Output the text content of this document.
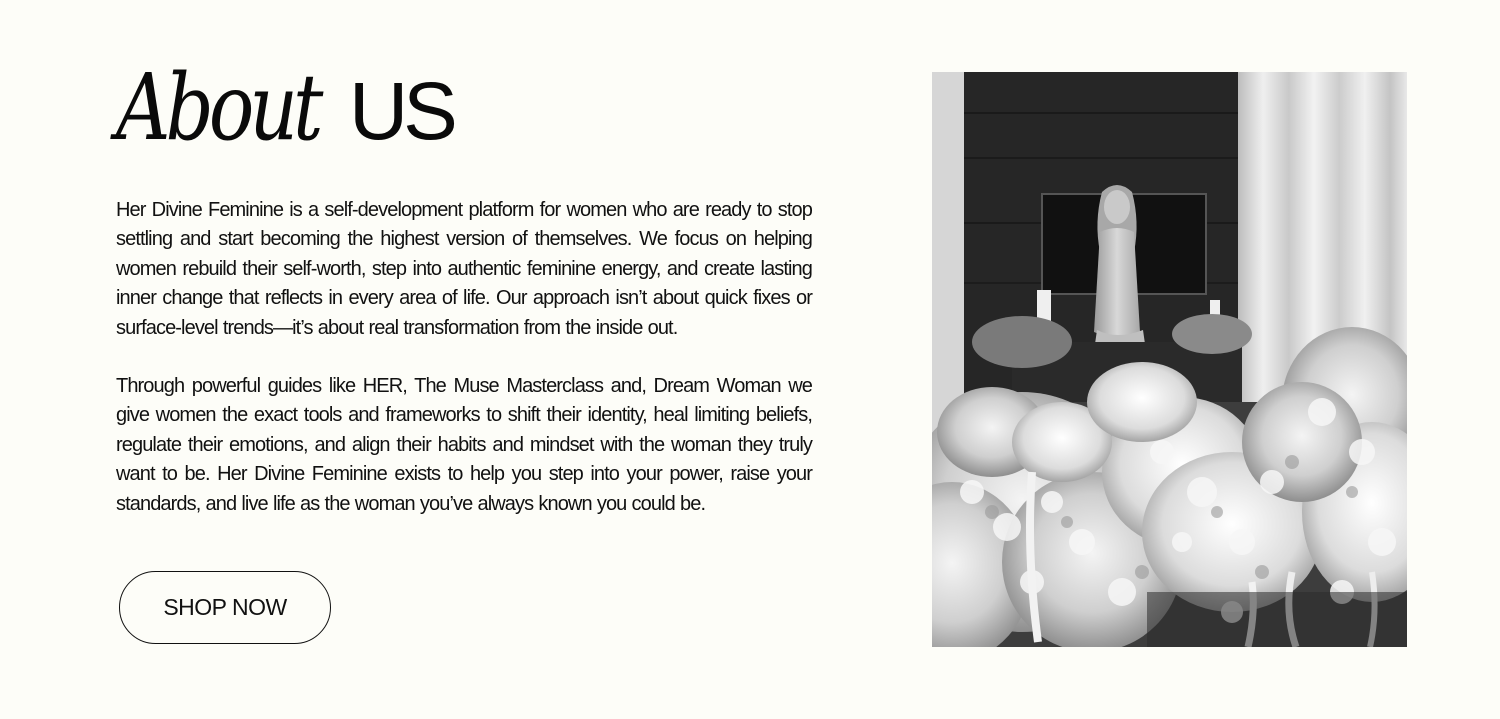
About US

Her Divine Feminine is a self-development platform for women who are ready to stop settling and start becoming the highest version of themselves. We focus on helping women rebuild their self-worth, step into authentic feminine energy, and create lasting inner change that reflects in every area of life. Our approach isn’t about quick fixes or surface-level trends—it’s about real transformation from the inside out.

Through powerful guides like HER, The Muse Masterclass and, Dream Woman we give women the exact tools and frameworks to shift their identity, heal limiting beliefs, regulate their emotions, and align their habits and mindset with the woman they truly want to be. Her Divine Feminine exists to help you step into your power, raise your standards, and live life as the woman you’ve always known you could be.

SHOP NOW
